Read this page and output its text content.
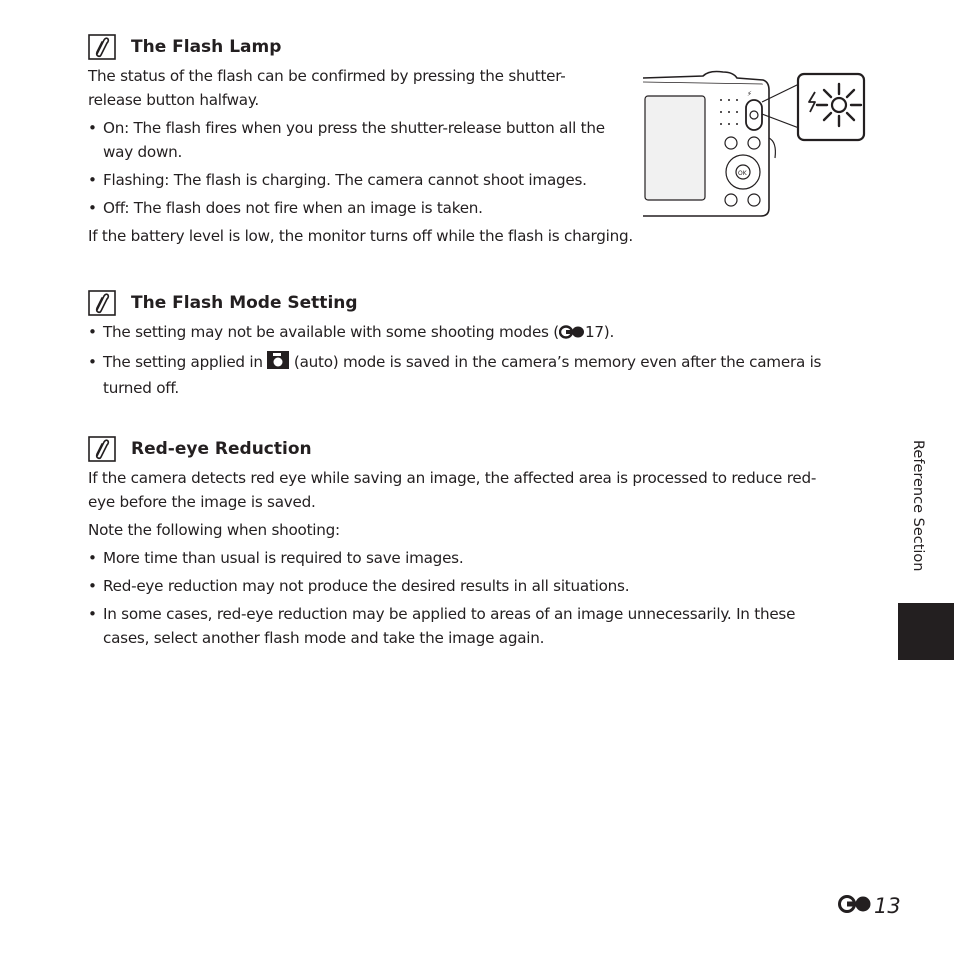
The Flash Lamp

The status of the flash can be confirmed by pressing the shutter-
release button halfway.

• On: The flash fires when you press the shutter-release button all the
way down.

• Flashing: The flash is charging. The camera cannot shoot images.

• Off: The flash does not fire when an image is taken.

If the battery level is low, the monitor turns off while the flash is charging.

⚡
OK
The Flash Mode Setting

• The setting may not be available with some shooting modes ( 17).

• The setting applied in (auto) mode is saved in the camera’s memory even after the camera is
turned off.

Red-eye Reduction

If the camera detects red eye while saving an image, the affected area is processed to reduce red-
eye before the image is saved.

Note the following when shooting:

• More time than usual is required to save images.

• Red-eye reduction may not produce the desired results in all situations.

• In some cases, red-eye reduction may be applied to areas of an image unnecessarily. In these
cases, select another flash mode and take the image again.

Reference Section
13
